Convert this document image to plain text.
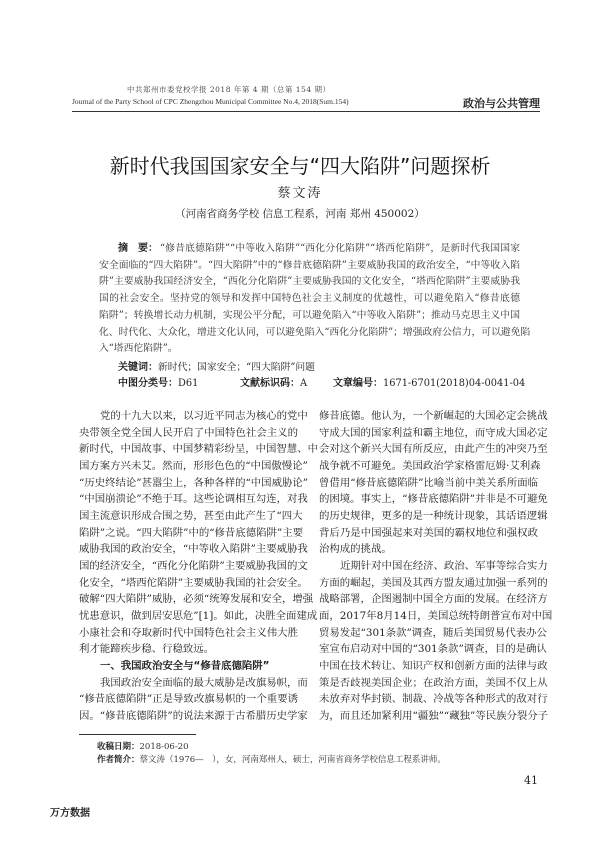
中共郑州市委党校学报 2018 年第 4 期（总第 154 期）
Journal of the Party School of CPC Zhengzhou Municipal Committee No.4, 2018(Sum.154)	政治与公共管理
新时代我国国家安全与“四大陷阱”问题探析
蔡文涛
（河南省商务学校 信息工程系，河南 郑州 450002）
摘　要： “修昔底德陷阱”“中等收入陷阱”“西化分化陷阱”“塔西佗陷阱”，是新时代我国国家
安全面临的“四大陷阱”。“四大陷阱”中的“修昔底德陷阱”主要威胁我国的政治安全，“中等收入陷
阱”主要威胁我国经济安全，“西化分化陷阱”主要威胁我国的文化安全，“塔西佗陷阱”主要威胁我
国的社会安全。坚持党的领导和发挥中国特色社会主义制度的优越性，可以避免陷入“修昔底德
陷阱”；转换增长动力机制，实现公平分配，可以避免陷入“中等收入陷阱”；推动马克思主义中国
化、时代化、大众化，增进文化认同，可以避免陷入“西化分化陷阱”；增强政府公信力，可以避免陷
入“塔西佗陷阱”。
关键词：新时代；国家安全；“四大陷阱”问题
中图分类号：D61	文献标识码：A	文章编号：1671-6701(2018)04-0041-04
党的十九大以来，以习近平同志为核心的党中
央带领全党全国人民开启了中国特色社会主义的
新时代，中国故事、中国梦精彩纷呈，中国智慧、中
国方案方兴未艾。然而，形形色色的“中国傲慢论”
“历史终结论”甚嚣尘上，各种各样的“中国威胁论”
“中国崩溃论”不绝于耳。这些论调相互勾连，对我
国主流意识形成合围之势，甚至由此产生了“四大
陷阱”之说。“四大陷阱”中的“修昔底德陷阱”主要
威胁我国的政治安全，“中等收入陷阱”主要威胁我
国的经济安全，“西化分化陷阱”主要威胁我国的文
化安全，“塔西佗陷阱”主要威胁我国的社会安全。
破解“四大陷阱”威胁，必须“统筹发展和安全，增强
忧患意识，做到居安思危”[1]。如此，决胜全面建成
小康社会和夺取新时代中国特色社会主义伟大胜
利才能蹄疾步稳、行稳致远。
一、我国政治安全与“修昔底德陷阱”
我国政治安全面临的最大威胁是改旗易帜，而
“修昔底德陷阱”正是导致改旗易帜的一个重要诱
因。“修昔底德陷阱”的说法来源于古希腊历史学家
修昔底德。他认为，一个新崛起的大国必定会挑战
守成大国的国家利益和霸主地位，而守成大国必定
会对这个新兴大国有所反应，由此产生的冲突乃至
战争就不可避免。美国政治学家格雷厄姆·艾利森
曾借用“修昔底德陷阱”比喻当前中美关系所面临
的困境。事实上，“修昔底德陷阱”并非是不可避免
的历史规律，更多的是一种统计现象，其话语逻辑
背后乃是中国强起来对美国的霸权地位和强权政
治构成的挑战。
近期针对中国在经济、政治、军事等综合实力
方面的崛起，美国及其西方盟友通过加强一系列的
战略部署，企图遏制中国全方面的发展。在经济方
面，2017年8月14日，美国总统特朗普宣布对中国
贸易发起“301条款”调查，随后美国贸易代表办公
室宣布启动对中国的“301条款”调查，目的是确认
中国在技术转让、知识产权和创新方面的法律与政
策是否歧视美国企业；在政治方面，美国不仅上从
未放弃对华封锁、制裁、冷战等各种形式的敌对行
为，而且还加紧利用“疆独”“藏独”等民族分裂分子
收稿日期：2018-06-20
作者简介：蔡文涛（1976—　），女，河南郑州人，硕士，河南省商务学校信息工程系讲师。
41
万方数据
